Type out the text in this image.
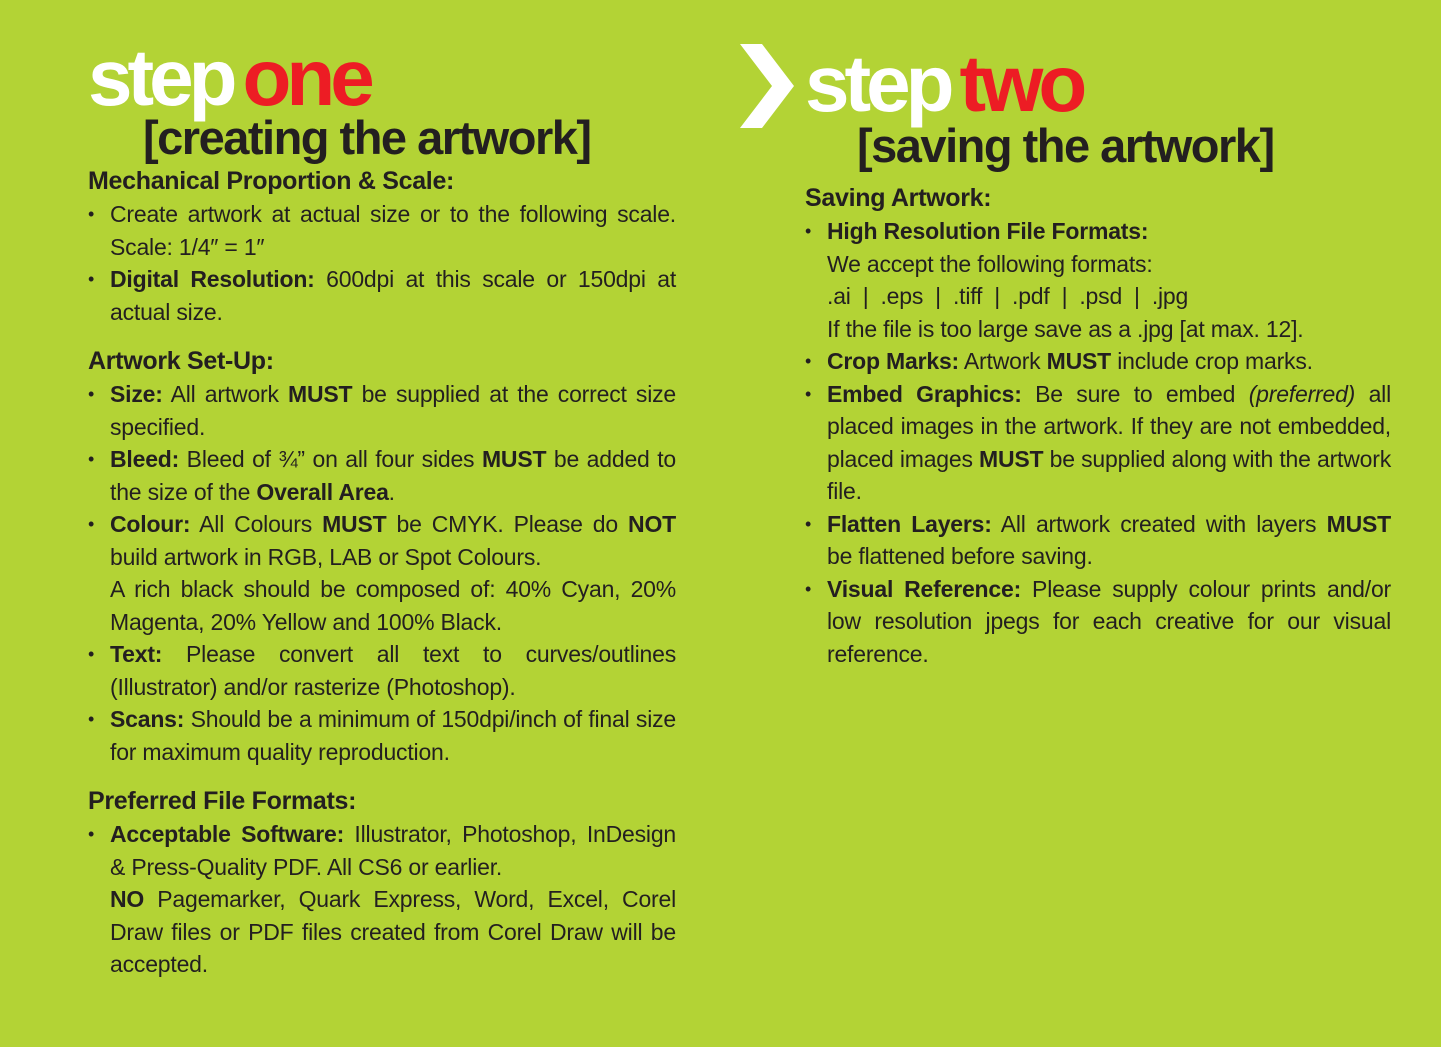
step one
[creating the artwork]
Mechanical Proportion & Scale:
• Create artwork at actual size or to the following scale. Scale: 1/4″ = 1″
• Digital Resolution: 600dpi at this scale or 150dpi at actual size.
Artwork Set-Up:
• Size: All artwork MUST be supplied at the correct size specified.
• Bleed: Bleed of ¾” on all four sides MUST be added to the size of the Overall Area.
• Colour: All Colours MUST be CMYK. Please do NOT build artwork in RGB, LAB or Spot Colours.
A rich black should be composed of: 40% Cyan, 20% Magenta, 20% Yellow and 100% Black.
• Text: Please convert all text to curves/outlines (Illustrator) and/or rasterize (Photoshop).
• Scans: Should be a minimum of 150dpi/inch of final size for maximum quality reproduction.
Preferred File Formats:
• Acceptable Software: Illustrator, Photoshop, InDesign & Press-Quality PDF. All CS6 or earlier.
NO Pagemarker, Quark Express, Word, Excel, Corel Draw files or PDF files created from Corel Draw will be accepted.
step two
[saving the artwork]
Saving Artwork:
• High Resolution File Formats:
We accept the following formats:
.ai | .eps | .tiff | .pdf | .psd | .jpg
If the file is too large save as a .jpg [at max. 12].
• Crop Marks: Artwork MUST include crop marks.
• Embed Graphics: Be sure to embed (preferred) all placed images in the artwork. If they are not embedded, placed images MUST be supplied along with the artwork file.
• Flatten Layers: All artwork created with layers MUST be flattened before saving.
• Visual Reference: Please supply colour prints and/or low resolution jpegs for each creative for our visual reference.
